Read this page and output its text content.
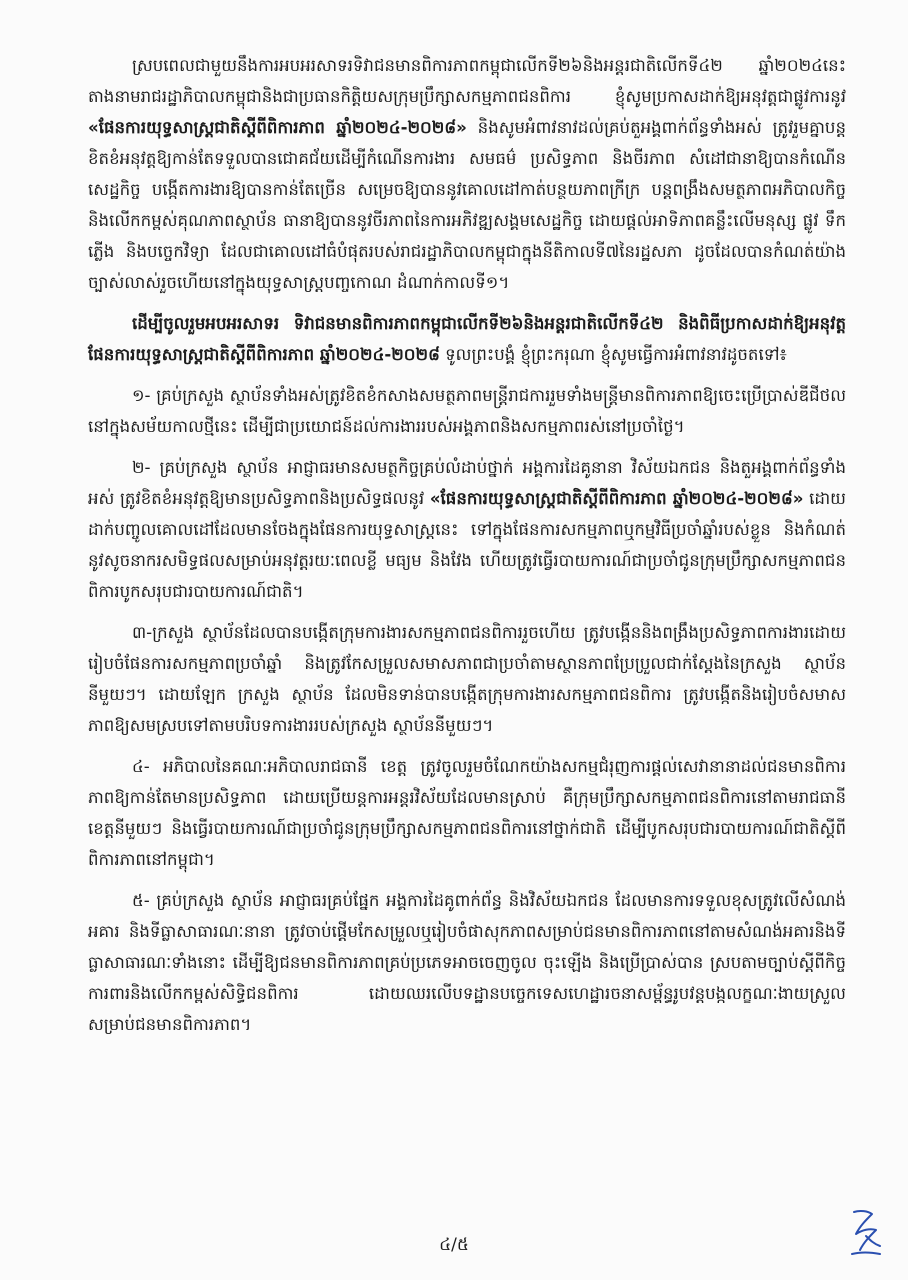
ស្របពេលជាមួយនឹងការអបអរសាទរទិវាជនមានពិការភាពកម្ពុជាលើកទី២៦និងអន្តរជាតិលើកទី៤២ ឆ្នាំ២០២៤នេះ តាងនាមរាជរដ្ឋាភិបាលកម្ពុជានិងជាប្រធានកិត្តិយសក្រុមប្រឹក្សាសកម្មភាពជនពិការ ខ្ញុំសូមប្រកាសដាក់ឱ្យអនុវត្តជាផ្លូវការនូវ «ផែនការយុទ្ធសាស្ត្រជាតិស្តីពីពិការភាព ឆ្នាំ២០២៤-២០២៨» និងសូមអំពាវនាវដល់គ្រប់តួអង្គពាក់ព័ន្ធទាំងអស់ ត្រូវរួមគ្នាបន្តខិតខំអនុវត្តឱ្យកាន់តែទទួលបានជោគជ័យដើម្បីកំណើនការងារ សមធម៌ ប្រសិទ្ធភាព និងចីរភាព សំដៅជានាឱ្យបានកំណើនសេដ្ឋកិច្ច បង្កើតការងារឱ្យបានកាន់តែច្រើន សម្រេចឱ្យបាននូវគោលដៅកាត់បន្ថយភាពក្រីក្រ បន្តពង្រឹងសមត្ថភាពអភិបាលកិច្ច និងលើកកម្ពស់គុណភាពស្ថាប័ន ធានាឱ្យបាននូវចីរភាពនៃការអភិវឌ្ឍសង្គមសេដ្ឋកិច្ច ដោយផ្តល់អាទិភាពគន្លឹះលើមនុស្ស ផ្លូវ ទឹក ភ្លើង និងបច្ចេកវិទ្យា ដែលជាគោលដៅធំបំផុតរបស់រាជរដ្ឋាភិបាលកម្ពុជាក្នុងនីតិកាលទី៧នៃរដ្ឋសភា ដូចដែលបានកំណត់យ៉ាងច្បាស់លាស់រួចហើយនៅក្នុងយុទ្ធសាស្ត្របញ្ចកោណ ដំណាក់កាលទី១។

ដើម្បីចូលរួមអបអរសាទរ ទិវាជនមានពិការភាពកម្ពុជាលើកទី២៦និងអន្តរជាតិលើកទី៤២ និងពិធីប្រកាសដាក់ឱ្យអនុវត្តផែនការយុទ្ធសាស្ត្រជាតិស្តីពីពិការភាព ឆ្នាំ២០២៤-២០២៨ ទូលព្រះបង្គំ ខ្ញុំព្រះករុណា ខ្ញុំសូមធ្វើការអំពាវនាវដូចតទៅ៖

១- គ្រប់ក្រសួង ស្ថាប័នទាំងអស់ត្រូវខិតខំកសាងសមត្ថភាពមន្ត្រីរាជការរួមទាំងមន្ត្រីមានពិការភាពឱ្យចេះប្រើប្រាស់ឌីជីថលនៅក្នុងសម័យកាលថ្មីនេះ ដើម្បីជាប្រយោជន៍ដល់ការងាររបស់អង្គភាពនិងសកម្មភាពរស់នៅប្រចាំថ្ងៃ។

២- គ្រប់ក្រសួង ស្ថាប័ន អាជ្ញាធរមានសមត្ថកិច្ចគ្រប់លំដាប់ថ្នាក់ អង្គការដៃគូនានា វិស័យឯកជន និងតួអង្គពាក់ព័ន្ធទាំងអស់ ត្រូវខិតខំអនុវត្តឱ្យមានប្រសិទ្ធភាពនិងប្រសិទ្ធផលនូវ «ផែនការយុទ្ធសាស្ត្រជាតិស្តីពីពិការភាព ឆ្នាំ២០២៤-២០២៨» ដោយដាក់បញ្ចូលគោលដៅដែលមានចែងក្នុងផែនការយុទ្ធសាស្ត្រនេះ ទៅក្នុងផែនការសកម្មភាពឬកម្មវិធីប្រចាំឆ្នាំរបស់ខ្លួន និងកំណត់នូវសូចនាករសមិទ្ធផលសម្រាប់អនុវត្តរយៈពេលខ្លី មធ្យម និងវែង ហើយត្រូវធ្វើរបាយការណ៍ជាប្រចាំជូនក្រុមប្រឹក្សាសកម្មភាពជនពិការបូកសរុបជារបាយការណ៍ជាតិ។

៣-ក្រសួង ស្ថាប័នដែលបានបង្កើតក្រុមការងារសកម្មភាពជនពិការរួចហើយ ត្រូវបង្កើននិងពង្រឹងប្រសិទ្ធភាពការងារដោយរៀបចំផែនការសកម្មភាពប្រចាំឆ្នាំ និងត្រូវកែសម្រួលសមាសភាពជាប្រចាំតាមស្ថានភាពប្រែប្រួលជាក់ស្តែងនៃក្រសួង ស្ថាប័ននីមួយៗ។ ដោយឡែក ក្រសួង ស្ថាប័ន ដែលមិនទាន់បានបង្កើតក្រុមការងារសកម្មភាពជនពិការ ត្រូវបង្កើតនិងរៀបចំសមាសភាពឱ្យសមស្របទៅតាមបរិបទការងាររបស់ក្រសួង ស្ថាប័ននីមួយៗ។

៤- អភិបាលនៃគណៈអភិបាលរាជធានី ខេត្ត ត្រូវចូលរួមចំណែកយ៉ាងសកម្មជំរុញការផ្តល់សេវានានាដល់ជនមានពិការភាពឱ្យកាន់តែមានប្រសិទ្ធភាព ដោយប្រើយន្តការអន្តរវិស័យដែលមានស្រាប់ គឺក្រុមប្រឹក្សាសកម្មភាពជនពិការនៅតាមរាជធានី ខេត្តនីមួយៗ និងធ្វើរបាយការណ៍ជាប្រចាំជូនក្រុមប្រឹក្សាសកម្មភាពជនពិការនៅថ្នាក់ជាតិ ដើម្បីបូកសរុបជារបាយការណ៍ជាតិស្តីពីពិការភាពនៅកម្ពុជា។

៥- គ្រប់ក្រសួង ស្ថាប័ន អាជ្ញាធរគ្រប់ផ្នែក អង្គការដៃគូពាក់ព័ន្ធ និងវិស័យឯកជន ដែលមានការទទួលខុសត្រូវលើសំណង់អគារ និងទីធ្លាសាធារណៈនានា ត្រូវចាប់ផ្តើមកែសម្រួលឬរៀបចំផាសុកភាពសម្រាប់ជនមានពិការភាពនៅតាមសំណង់អគារនិងទីធ្លាសាធារណៈទាំងនោះ ដើម្បីឱ្យជនមានពិការភាពគ្រប់ប្រភេទអាចចេញចូល ចុះឡើង និងប្រើប្រាស់បាន ស្របតាមច្បាប់ស្តីពីកិច្ចការពារនិងលើកកម្ពស់សិទ្ធិជនពិការ ដោយឈរលើបទដ្ឋានបច្ចេកទេសហេដ្ឋារចនាសម្ព័ន្ធរូបវន្តបង្កលក្ខណៈងាយស្រួលសម្រាប់ជនមានពិការភាព។

៤/៥
